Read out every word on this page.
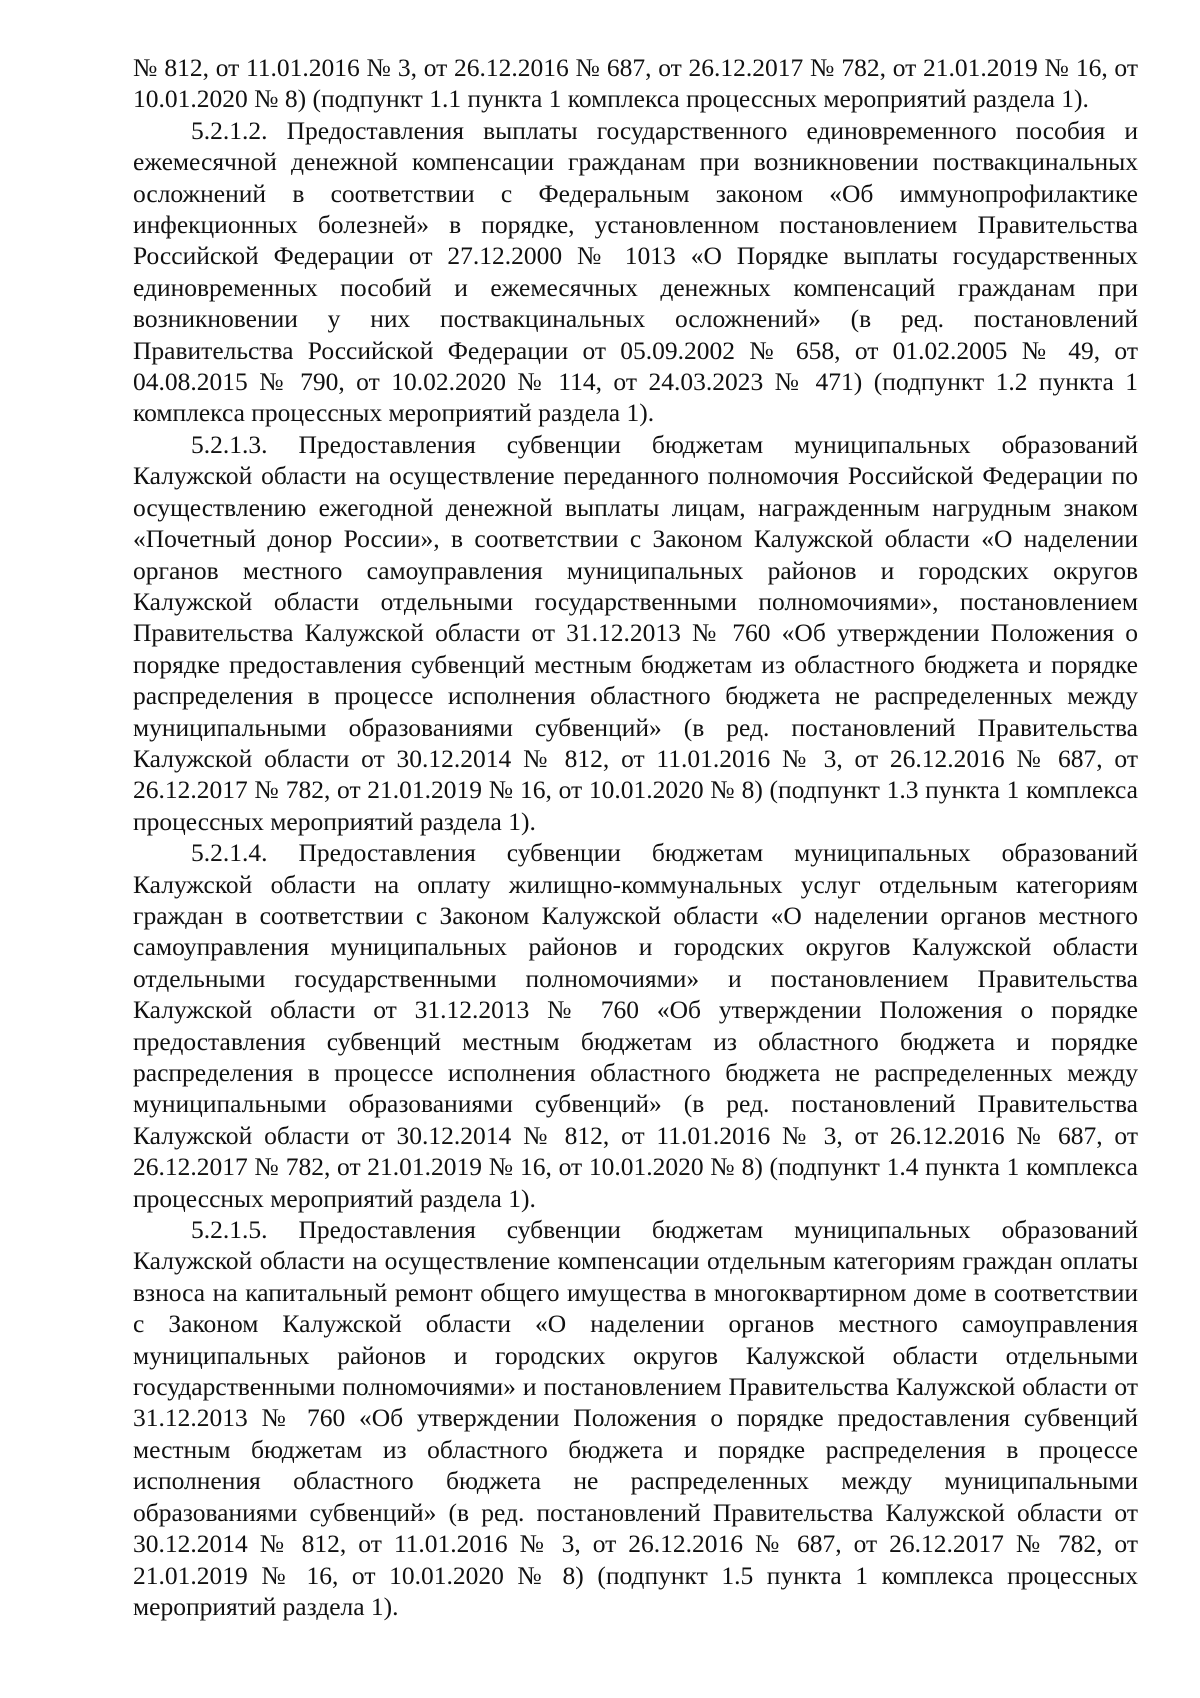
№ 812, от 11.01.2016 № 3, от 26.12.2016 № 687, от 26.12.2017 № 782, от 21.01.2019 № 16, от 10.01.2020 № 8) (подпункт 1.1 пункта 1 комплекса процессных мероприятий раздела 1).

5.2.1.2. Предоставления выплаты государственного единовременного пособия и ежемесячной денежной компенсации гражданам при возникновении поствакцинальных осложнений в соответствии с Федеральным законом «Об иммунопрофилактике инфекционных болезней» в порядке, установленном постановлением Правительства Российской Федерации от 27.12.2000 № 1013 «О Порядке выплаты государственных единовременных пособий и ежемесячных денежных компенсаций гражданам при возникновении у них поствакцинальных осложнений» (в ред. постановлений Правительства Российской Федерации от 05.09.2002 № 658, от 01.02.2005 № 49, от 04.08.2015 № 790, от 10.02.2020 № 114, от 24.03.2023 № 471) (подпункт 1.2 пункта 1 комплекса процессных мероприятий раздела 1).

5.2.1.3. Предоставления субвенции бюджетам муниципальных образований Калужской области на осуществление переданного полномочия Российской Федерации по осуществлению ежегодной денежной выплаты лицам, награжденным нагрудным знаком «Почетный донор России», в соответствии с Законом Калужской области «О наделении органов местного самоуправления муниципальных районов и городских округов Калужской области отдельными государственными полномочиями», постановлением Правительства Калужской области от 31.12.2013 № 760 «Об утверждении Положения о порядке предоставления субвенций местным бюджетам из областного бюджета и порядке распределения в процессе исполнения областного бюджета не распределенных между муниципальными образованиями субвенций» (в ред. постановлений Правительства Калужской области от 30.12.2014 № 812, от 11.01.2016 № 3, от 26.12.2016 № 687, от 26.12.2017 № 782, от 21.01.2019 № 16, от 10.01.2020 № 8) (подпункт 1.3 пункта 1 комплекса процессных мероприятий раздела 1).

5.2.1.4. Предоставления субвенции бюджетам муниципальных образований Калужской области на оплату жилищно-коммунальных услуг отдельным категориям граждан в соответствии с Законом Калужской области «О наделении органов местного самоуправления муниципальных районов и городских округов Калужской области отдельными государственными полномочиями» и постановлением Правительства Калужской области от 31.12.2013 № 760 «Об утверждении Положения о порядке предоставления субвенций местным бюджетам из областного бюджета и порядке распределения в процессе исполнения областного бюджета не распределенных между муниципальными образованиями субвенций» (в ред. постановлений Правительства Калужской области от 30.12.2014 № 812, от 11.01.2016 № 3, от 26.12.2016 № 687, от 26.12.2017 № 782, от 21.01.2019 № 16, от 10.01.2020 № 8) (подпункт 1.4 пункта 1 комплекса процессных мероприятий раздела 1).

5.2.1.5. Предоставления субвенции бюджетам муниципальных образований Калужской области на осуществление компенсации отдельным категориям граждан оплаты взноса на капитальный ремонт общего имущества в многоквартирном доме в соответствии с Законом Калужской области «О наделении органов местного самоуправления муниципальных районов и городских округов Калужской области отдельными государственными полномочиями» и постановлением Правительства Калужской области от 31.12.2013 № 760 «Об утверждении Положения о порядке предоставления субвенций местным бюджетам из областного бюджета и порядке распределения в процессе исполнения областного бюджета не распределенных между муниципальными образованиями субвенций» (в ред. постановлений Правительства Калужской области от 30.12.2014 № 812, от 11.01.2016 № 3, от 26.12.2016 № 687, от 26.12.2017 № 782, от 21.01.2019 № 16, от 10.01.2020 № 8) (подпункт 1.5 пункта 1 комплекса процессных мероприятий раздела 1).
